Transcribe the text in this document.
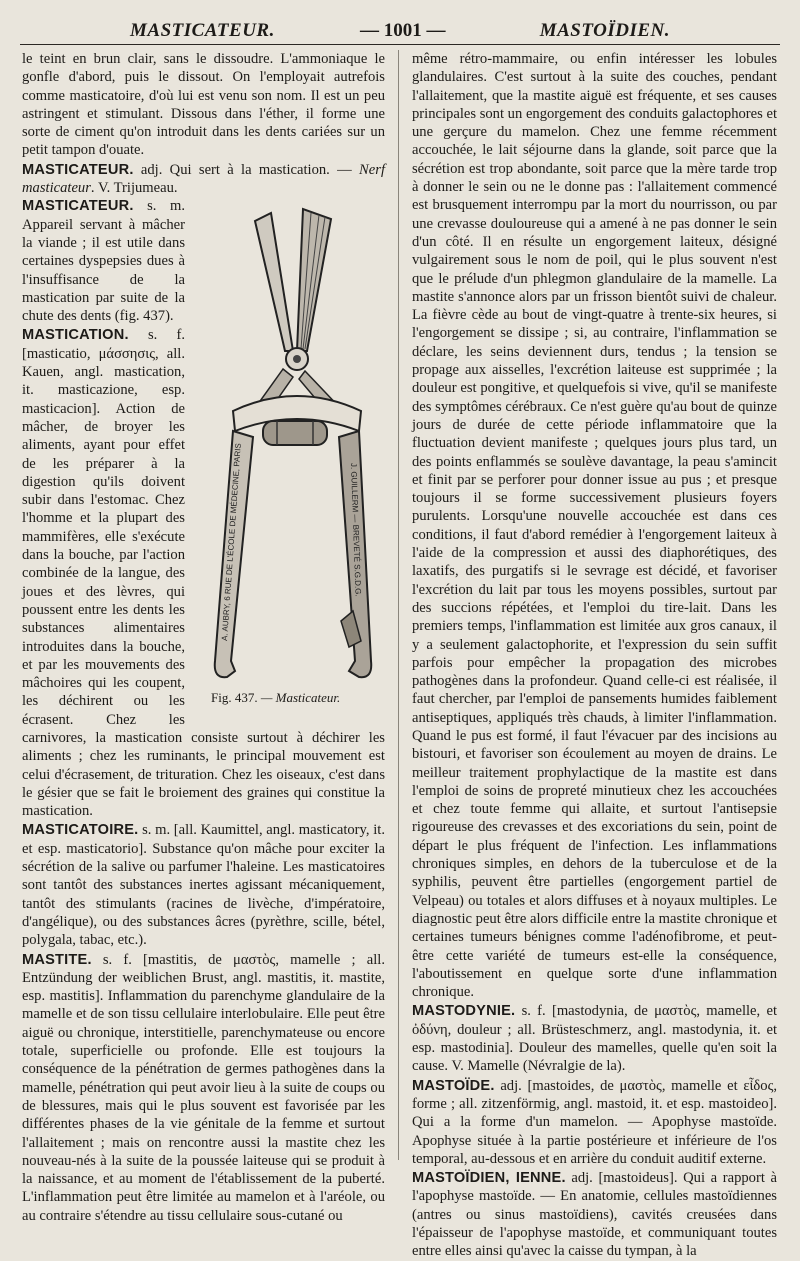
MASTICATEUR.	— 1001 —	MASTOÏDIEN.

le teint en brun clair, sans le dissoudre. L'ammoniaque le gonfle d'abord, puis le dissout. On l'employait autrefois comme masticatoire, d'où lui est venu son nom. Il est un peu astringent et stimulant. Dissous dans l'éther, il forme une sorte de ciment qu'on introduit dans les dents cariées sur un petit tampon d'ouate.

MASTICATEUR. adj. Qui sert à la mastication. — Nerf masticateur. V. Trijumeau.

A. AUBRY, 6 RUE DE L'ÉCOLE DE MÉDECINE, PARIS	J. GUILLERM — BREVETÉ S.G.D.G.
Fig. 437. — Masticateur.

MASTICATEUR. s. m. Appareil servant à mâcher la viande ; il est utile dans certaines dyspepsies dues à l'insuffisance de la mastication par suite de la chute des dents (fig. 437).

MASTICATION. s. f. [masticatio, μάσσησις, all. Kauen, angl. mastication, it. masticazione, esp. masticacion]. Action de mâcher, de broyer les aliments, ayant pour effet de les préparer à la digestion qu'ils doivent subir dans l'estomac. Chez l'homme et la plupart des mammifères, elle s'exécute dans la bouche, par l'action combinée de la langue, des joues et des lèvres, qui poussent entre les dents les substances alimentaires introduites dans la bouche, et par les mouvements des mâchoires qui les coupent, les déchirent ou les écrasent. Chez les carnivores, la mastication consiste surtout à déchirer les aliments ; chez les ruminants, le principal mouvement est celui d'écrasement, de trituration. Chez les oiseaux, c'est dans le gésier que se fait le broiement des graines qui constitue la mastication.

MASTICATOIRE. s. m. [all. Kaumittel, angl. masticatory, it. et esp. masticatorio]. Substance qu'on mâche pour exciter la sécrétion de la salive ou parfumer l'haleine. Les masticatoires sont tantôt des substances inertes agissant mécaniquement, tantôt des stimulants (racines de livèche, d'impératoire, d'angélique), ou des substances âcres (pyrèthre, scille, bétel, polygala, tabac, etc.).

MASTITE. s. f. [mastitis, de μαστὸς, mamelle ; all. Entzündung der weiblichen Brust, angl. mastitis, it. mastite, esp. mastitis]. Inflammation du parenchyme glandulaire de la mamelle et de son tissu cellulaire interlobulaire. Elle peut être aiguë ou chronique, interstitielle, parenchymateuse ou encore totale, superficielle ou profonde. Elle est toujours la conséquence de la pénétration de germes pathogènes dans la mamelle, pénétration qui peut avoir lieu à la suite de coups ou de blessures, mais qui le plus souvent est favorisée par les différentes phases de la vie génitale de la femme et surtout l'allaitement ; mais on rencontre aussi la mastite chez les nouveau-nés à la suite de la poussée laiteuse qui se produit à la naissance, et au moment de l'établissement de la puberté. L'inflammation peut être limitée au mamelon et à l'aréole, ou au contraire s'étendre au tissu cellulaire sous-cutané ou

même rétro-mammaire, ou enfin intéresser les lobules glandulaires. C'est surtout à la suite des couches, pendant l'allaitement, que la mastite aiguë est fréquente, et ses causes principales sont un engorgement des conduits galactophores et une gerçure du mamelon. Chez une femme récemment accouchée, le lait séjourne dans la glande, soit parce que la sécrétion est trop abondante, soit parce que la mère tarde trop à donner le sein ou ne le donne pas : l'allaitement commencé est brusquement interrompu par la mort du nourrisson, ou par une crevasse douloureuse qui a amené à ne pas donner le sein d'un côté. Il en résulte un engorgement laiteux, désigné vulgairement sous le nom de poil, qui le plus souvent n'est que le prélude d'un phlegmon glandulaire de la mamelle. La mastite s'annonce alors par un frisson bientôt suivi de chaleur. La fièvre cède au bout de vingt-quatre à trente-six heures, si l'engorgement se dissipe ; si, au contraire, l'inflammation se déclare, les seins deviennent durs, tendus ; la tension se propage aux aisselles, l'excrétion laiteuse est supprimée ; la douleur est pongitive, et quelquefois si vive, qu'il se manifeste des symptômes cérébraux. Ce n'est guère qu'au bout de quinze jours de durée de cette période inflammatoire que la fluctuation devient manifeste ; quelques jours plus tard, un des points enflammés se soulève davantage, la peau s'amincit et finit par se perforer pour donner issue au pus ; et presque toujours il se forme successivement plusieurs foyers purulents. Lorsqu'une nouvelle accouchée est dans ces conditions, il faut d'abord remédier à l'engorgement laiteux à l'aide de la compression et aussi des diaphorétiques, des laxatifs, des purgatifs si le sevrage est décidé, et favoriser l'excrétion du lait par tous les moyens possibles, surtout par des succions répétées, et l'emploi du tire-lait. Dans les premiers temps, l'inflammation est limitée aux gros canaux, il y a seulement galactophorite, et l'expression du sein suffit parfois pour empêcher la propagation des microbes pathogènes dans la profondeur. Quand celle-ci est réalisée, il faut chercher, par l'emploi de pansements humides faiblement antiseptiques, appliqués très chauds, à limiter l'inflammation. Quand le pus est formé, il faut l'évacuer par des incisions au bistouri, et favoriser son écoulement au moyen de drains. Le meilleur traitement prophylactique de la mastite est dans l'emploi de soins de propreté minutieux chez les accouchées et chez toute femme qui allaite, et surtout l'antisepsie rigoureuse des crevasses et des excoriations du sein, point de départ le plus fréquent de l'infection. Les inflammations chroniques simples, en dehors de la tuberculose et de la syphilis, peuvent être partielles (engorgement partiel de Velpeau) ou totales et alors diffuses et à noyaux multiples. Le diagnostic peut être alors difficile entre la mastite chronique et certaines tumeurs bénignes comme l'adénofibrome, et peut-être cette variété de tumeurs est-elle la conséquence, l'aboutissement en quelque sorte d'une inflammation chronique.

MASTODYNIE. s. f. [mastodynia, de μαστὸς, mamelle, et ὀδύνη, douleur ; all. Brüsteschmerz, angl. mastodynia, it. et esp. mastodinia]. Douleur des mamelles, quelle qu'en soit la cause. V. Mamelle (Névralgie de la).

MASTOÏDE. adj. [mastoides, de μαστὸς, mamelle et εἶδος, forme ; all. zitzenförmig, angl. mastoid, it. et esp. mastoideo]. Qui a la forme d'un mamelon. — Apophyse mastoïde. Apophyse située à la partie postérieure et inférieure de l'os temporal, au-dessous et en arrière du conduit auditif externe.

MASTOÏDIEN, IENNE. adj. [mastoideus]. Qui a rapport à l'apophyse mastoïde. — En anatomie, cellules mastoïdiennes (antres ou sinus mastoïdiens), cavités creusées dans l'épaisseur de l'apophyse mastoïde, et communiquant toutes entre elles ainsi qu'avec la caisse du tympan, à la
